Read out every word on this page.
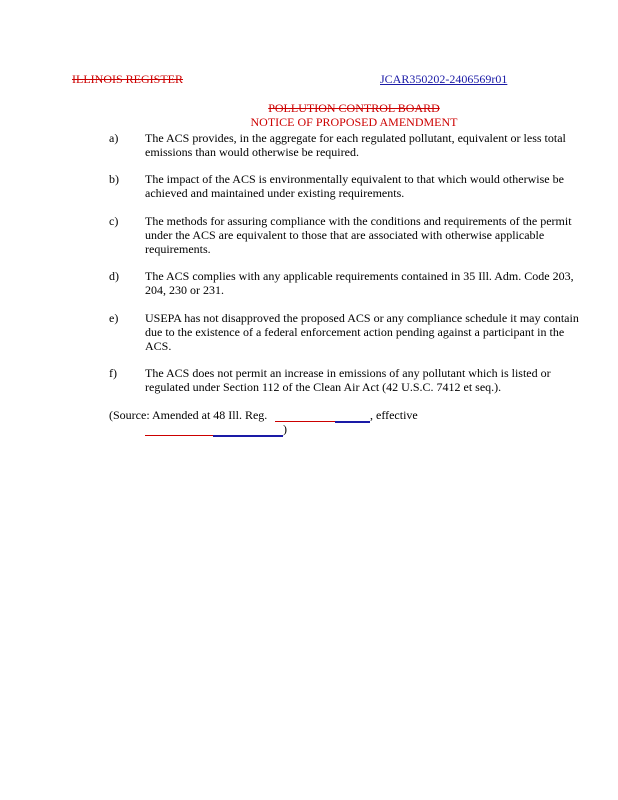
ILLINOIS REGISTER	JCAR350202-2406569r01
POLLUTION CONTROL BOARD
NOTICE OF PROPOSED AMENDMENT
a) The ACS provides, in the aggregate for each regulated pollutant, equivalent or less total emissions than would otherwise be required.
b) The impact of the ACS is environmentally equivalent to that which would otherwise be achieved and maintained under existing requirements.
c) The methods for assuring compliance with the conditions and requirements of the permit under the ACS are equivalent to those that are associated with otherwise applicable requirements.
d) The ACS complies with any applicable requirements contained in 35 Ill. Adm. Code 203, 204, 230 or 231.
e) USEPA has not disapproved the proposed ACS or any compliance schedule it may contain due to the existence of a federal enforcement action pending against a participant in the ACS.
f) The ACS does not permit an increase in emissions of any pollutant which is listed or regulated under Section 112 of the Clean Air Act (42 U.S.C. 7412 et seq.).
(Source: Amended at 48 Ill. Reg.	, effective
)
